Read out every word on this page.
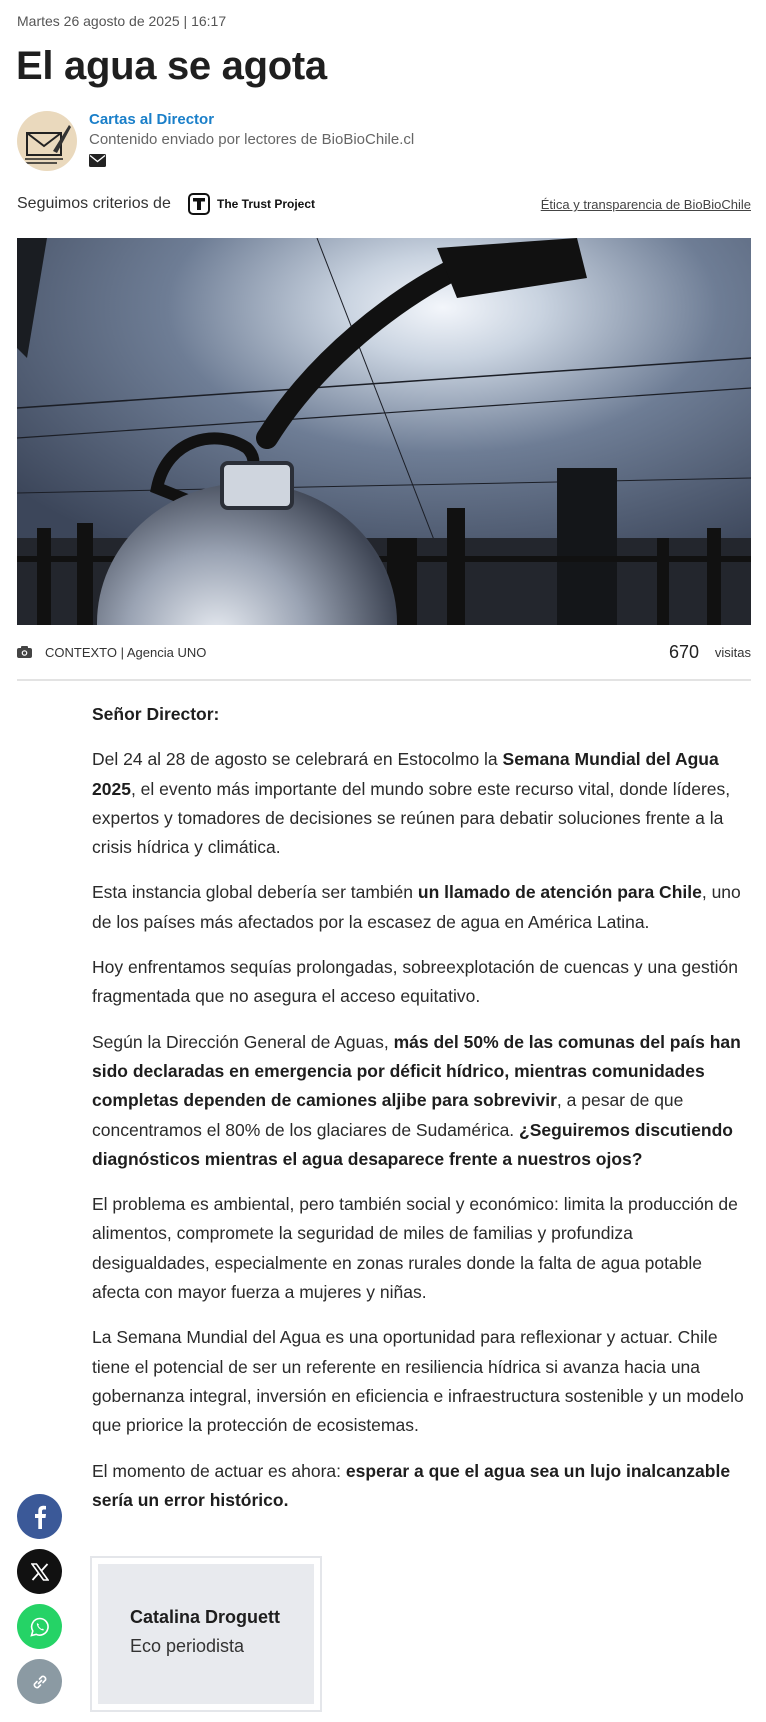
Martes 26 agosto de 2025 | 16:17
El agua se agota
Cartas al Director
Contenido enviado por lectores de BioBioChile.cl
Seguimos criterios de	The Trust Project	Ética y transparencia de BioBioChile
CONTEXTO | Agencia UNO	670 visitas

Señor Director:

Del 24 al 28 de agosto se celebrará en Estocolmo la Semana Mundial del Agua 2025, el evento más importante del mundo sobre este recurso vital, donde líderes, expertos y tomadores de decisiones se reúnen para debatir soluciones frente a la crisis hídrica y climática.

Esta instancia global debería ser también un llamado de atención para Chile, uno de los países más afectados por la escasez de agua en América Latina.

Hoy enfrentamos sequías prolongadas, sobreexplotación de cuencas y una gestión fragmentada que no asegura el acceso equitativo.

Según la Dirección General de Aguas, más del 50% de las comunas del país han sido declaradas en emergencia por déficit hídrico, mientras comunidades completas dependen de camiones aljibe para sobrevivir, a pesar de que concentramos el 80% de los glaciares de Sudamérica. ¿Seguiremos discutiendo diagnósticos mientras el agua desaparece frente a nuestros ojos?

El problema es ambiental, pero también social y económico: limita la producción de alimentos, compromete la seguridad de miles de familias y profundiza desigualdades, especialmente en zonas rurales donde la falta de agua potable afecta con mayor fuerza a mujeres y niñas.

La Semana Mundial del Agua es una oportunidad para reflexionar y actuar. Chile tiene el potencial de ser un referente en resiliencia hídrica si avanza hacia una gobernanza integral, inversión en eficiencia e infraestructura sostenible y un modelo que priorice la protección de ecosistemas.

El momento de actuar es ahora: esperar a que el agua sea un lujo inalcanzable sería un error histórico.

Catalina Droguett
Eco periodista
